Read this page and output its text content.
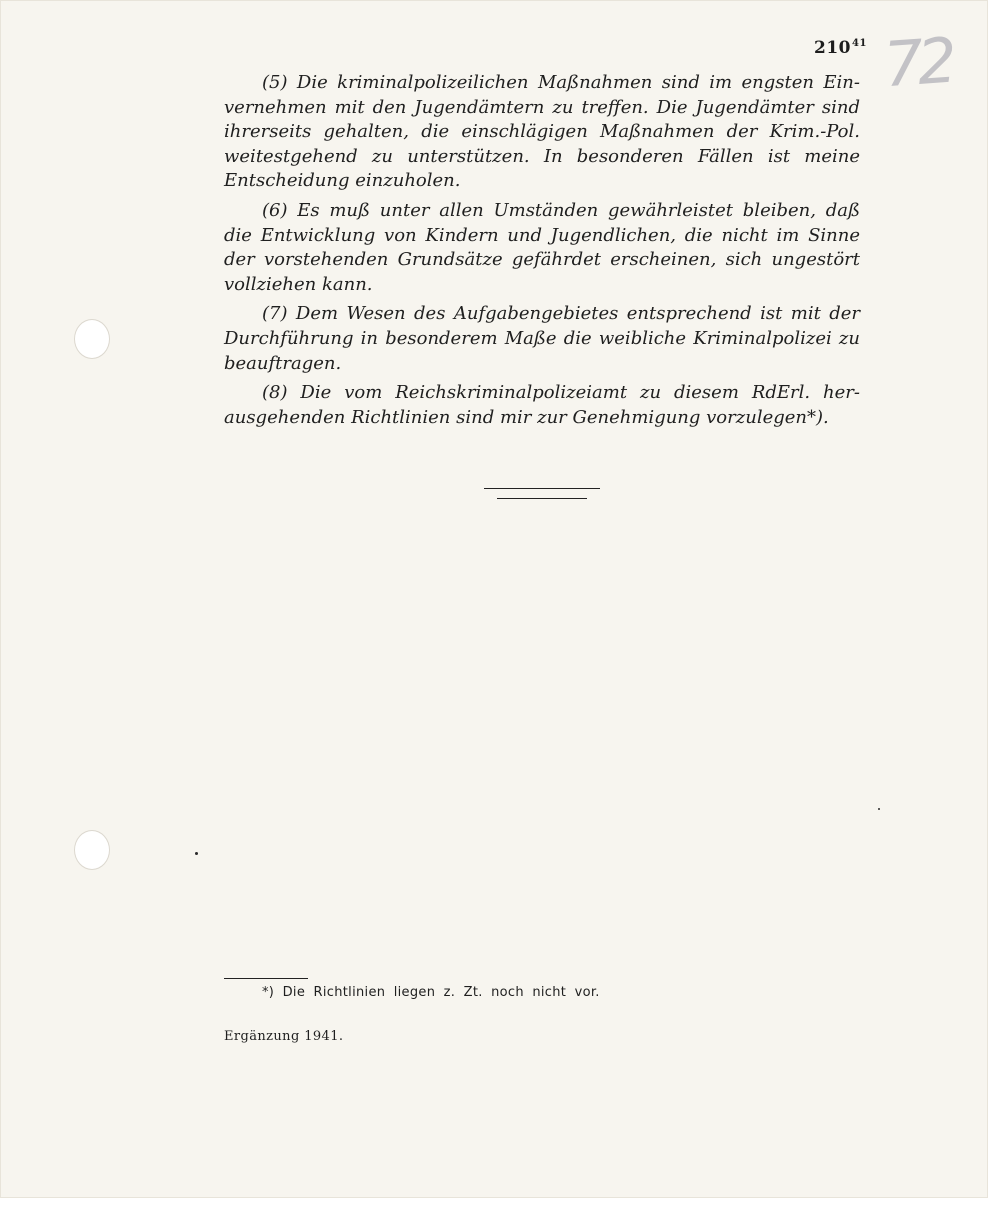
$210^{41}$ 72

(5) Die kriminalpolizeilichen Maßnahmen sind im engsten Einvernehmen mit den Jugendämtern zu treffen. Die Jugendämter sind ihrerseits gehalten, die einschlägigen Maßnahmen der Krim.-Pol. weitestgehend zu unterstützen. In besonderen Fällen ist meine Entscheidung einzuholen.

(6) Es muß unter allen Umständen gewährleistet bleiben, daß die Entwicklung von Kindern und Jugendlichen, die nicht im Sinne der vorstehenden Grundsätze gefährdet erscheinen, sich ungestört vollziehen kann.

(7) Dem Wesen des Aufgabengebietes entsprechend ist mit der Durchführung in besonderem Maße die weibliche Kriminalpolizei zu beauftragen.

(8) Die vom Reichskriminalpolizeiamt zu diesem RdErl. herausgehenden Richtlinien sind mir zur Genehmigung vorzulegen*).

*) Die Richtlinien liegen z. Zt. noch nicht vor.
Ergänzung 1941.
